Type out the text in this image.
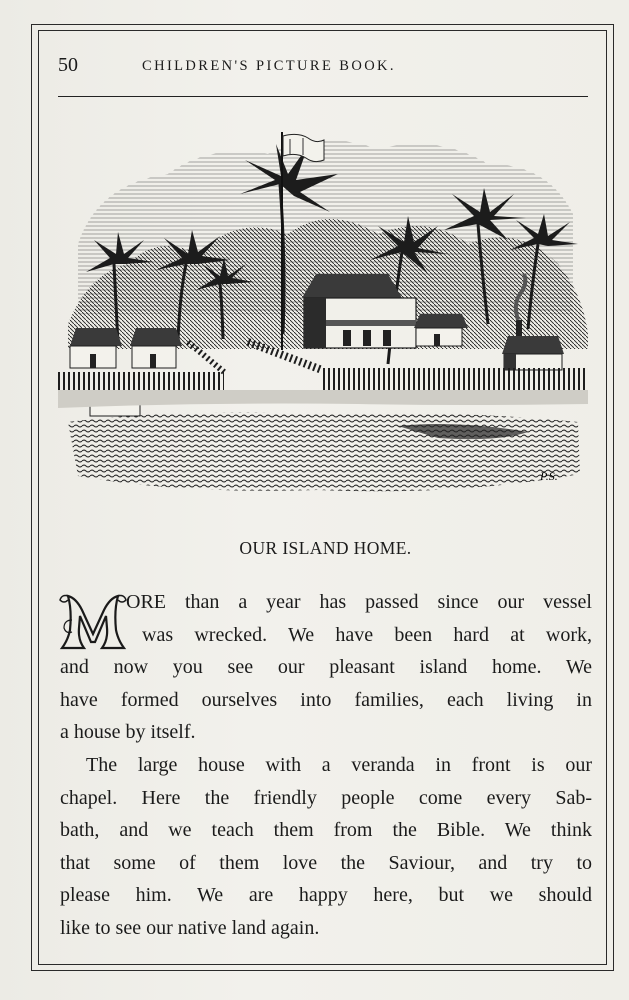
50	CHILDREN'S PICTURE BOOK.
P.S.
OUR ISLAND HOME.
ORE than a year has passed since our vessel
was wrecked. We have been hard at work,
and now you see our pleasant island home. We
have formed ourselves into families, each living in
a house by itself.
The large house with a veranda in front is our
chapel. Here the friendly people come every Sab-
bath, and we teach them from the Bible. We think
that some of them love the Saviour, and try to
please him. We are happy here, but we should
like to see our native land again.
